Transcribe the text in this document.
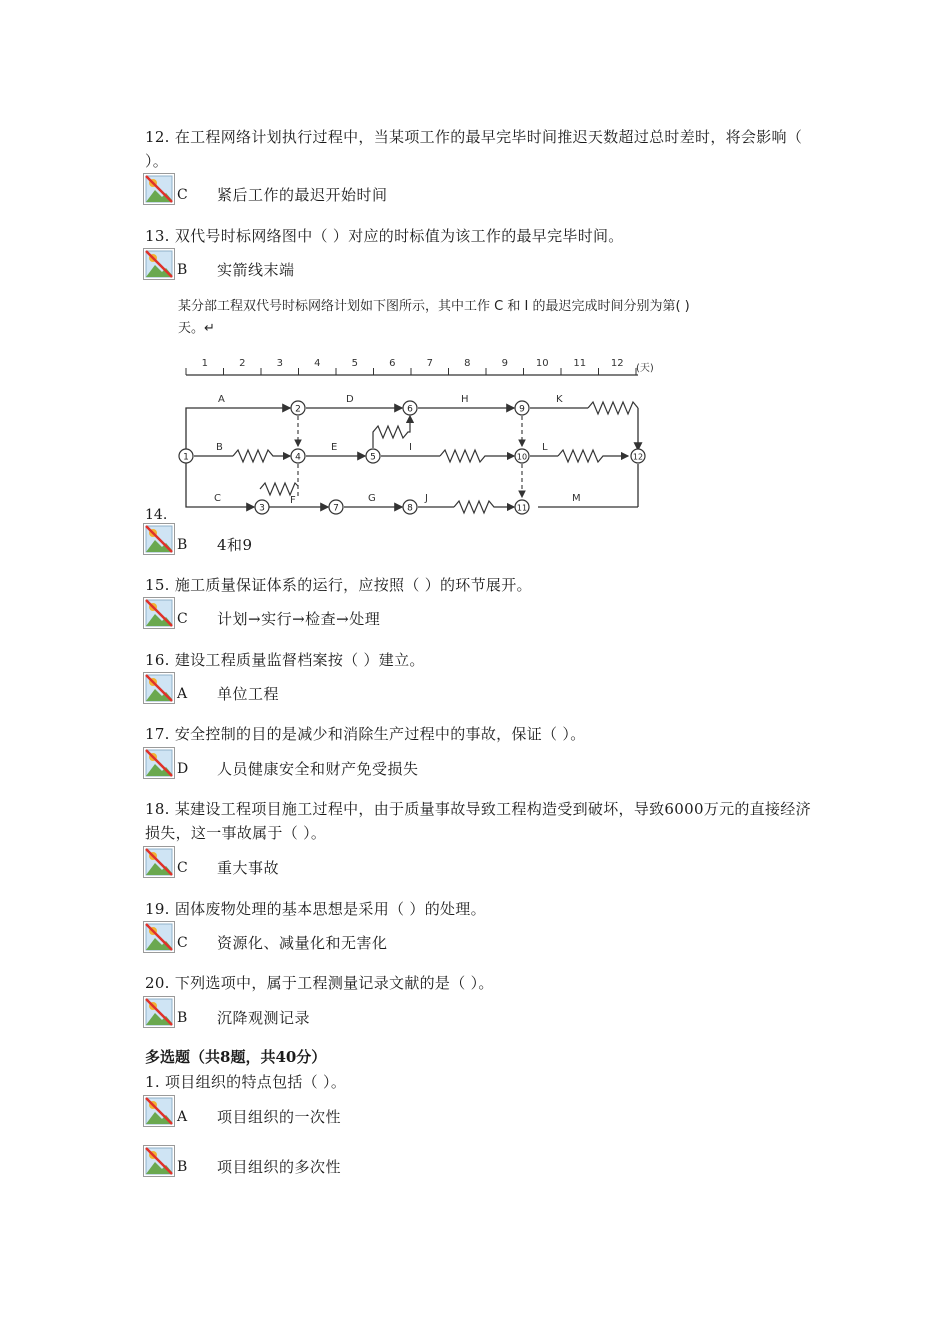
12. 在工程网络计划执行过程中，当某项工作的最早完毕时间推迟天数超过总时差时，将会影响（ ）。
C 紧后工作的最迟开始时间
13. 双代号时标网络图中（ ）对应的时标值为该工作的最早完毕时间。
B 实箭线末端
某分部工程双代号时标网络计划如下图所示，其中工作 C 和 I 的最迟完成时间分别为第( )天。↵
1	2	3	4	5	6	7	8	9	10 11 12 (天)
A
B
C
D
E
F	G
H
I
J
K
L
M
1
2
3
4	5
6
7	8
9
10
11
12
14.
B 4和9
15. 施工质量保证体系的运行，应按照（ ）的环节展开。
C 计划→实行→检查→处理
16. 建设工程质量监督档案按（ ）建立。
A 单位工程
17. 安全控制的目的是减少和消除生产过程中的事故，保证（ ）。
D 人员健康安全和财产免受损失
18. 某建设工程项目施工过程中，由于质量事故导致工程构造受到破坏，导致6000万元的直接经济损失，这一事故属于（ ）。
C 重大事故
19. 固体废物处理的基本思想是采用（ ）的处理。
C 资源化、减量化和无害化
20. 下列选项中，属于工程测量记录文献的是（ ）。
B 沉降观测记录
多选题（共8题，共40分）
1. 项目组织的特点包括（ ）。
A 项目组织的一次性
B 项目组织的多次性
